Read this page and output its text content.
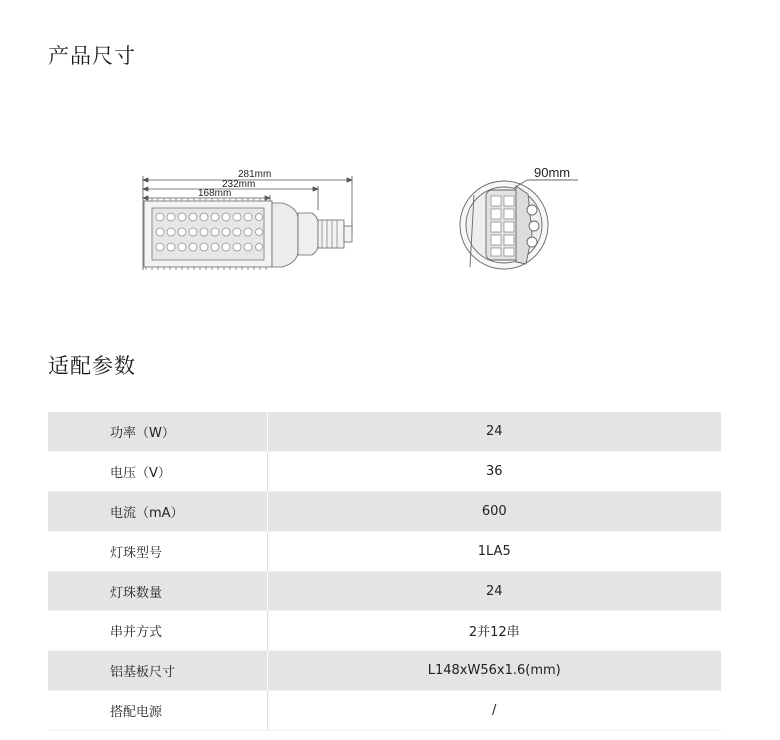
产品尺寸
281mm
232mm
168mm
90mm
适配参数
功率（W）	24
电压（V）	36
电流（mA）	600
灯珠型号	1LA5
灯珠数量	24
串并方式	2并12串
铝基板尺寸	L148xW56x1.6(mm)
搭配电源	/
